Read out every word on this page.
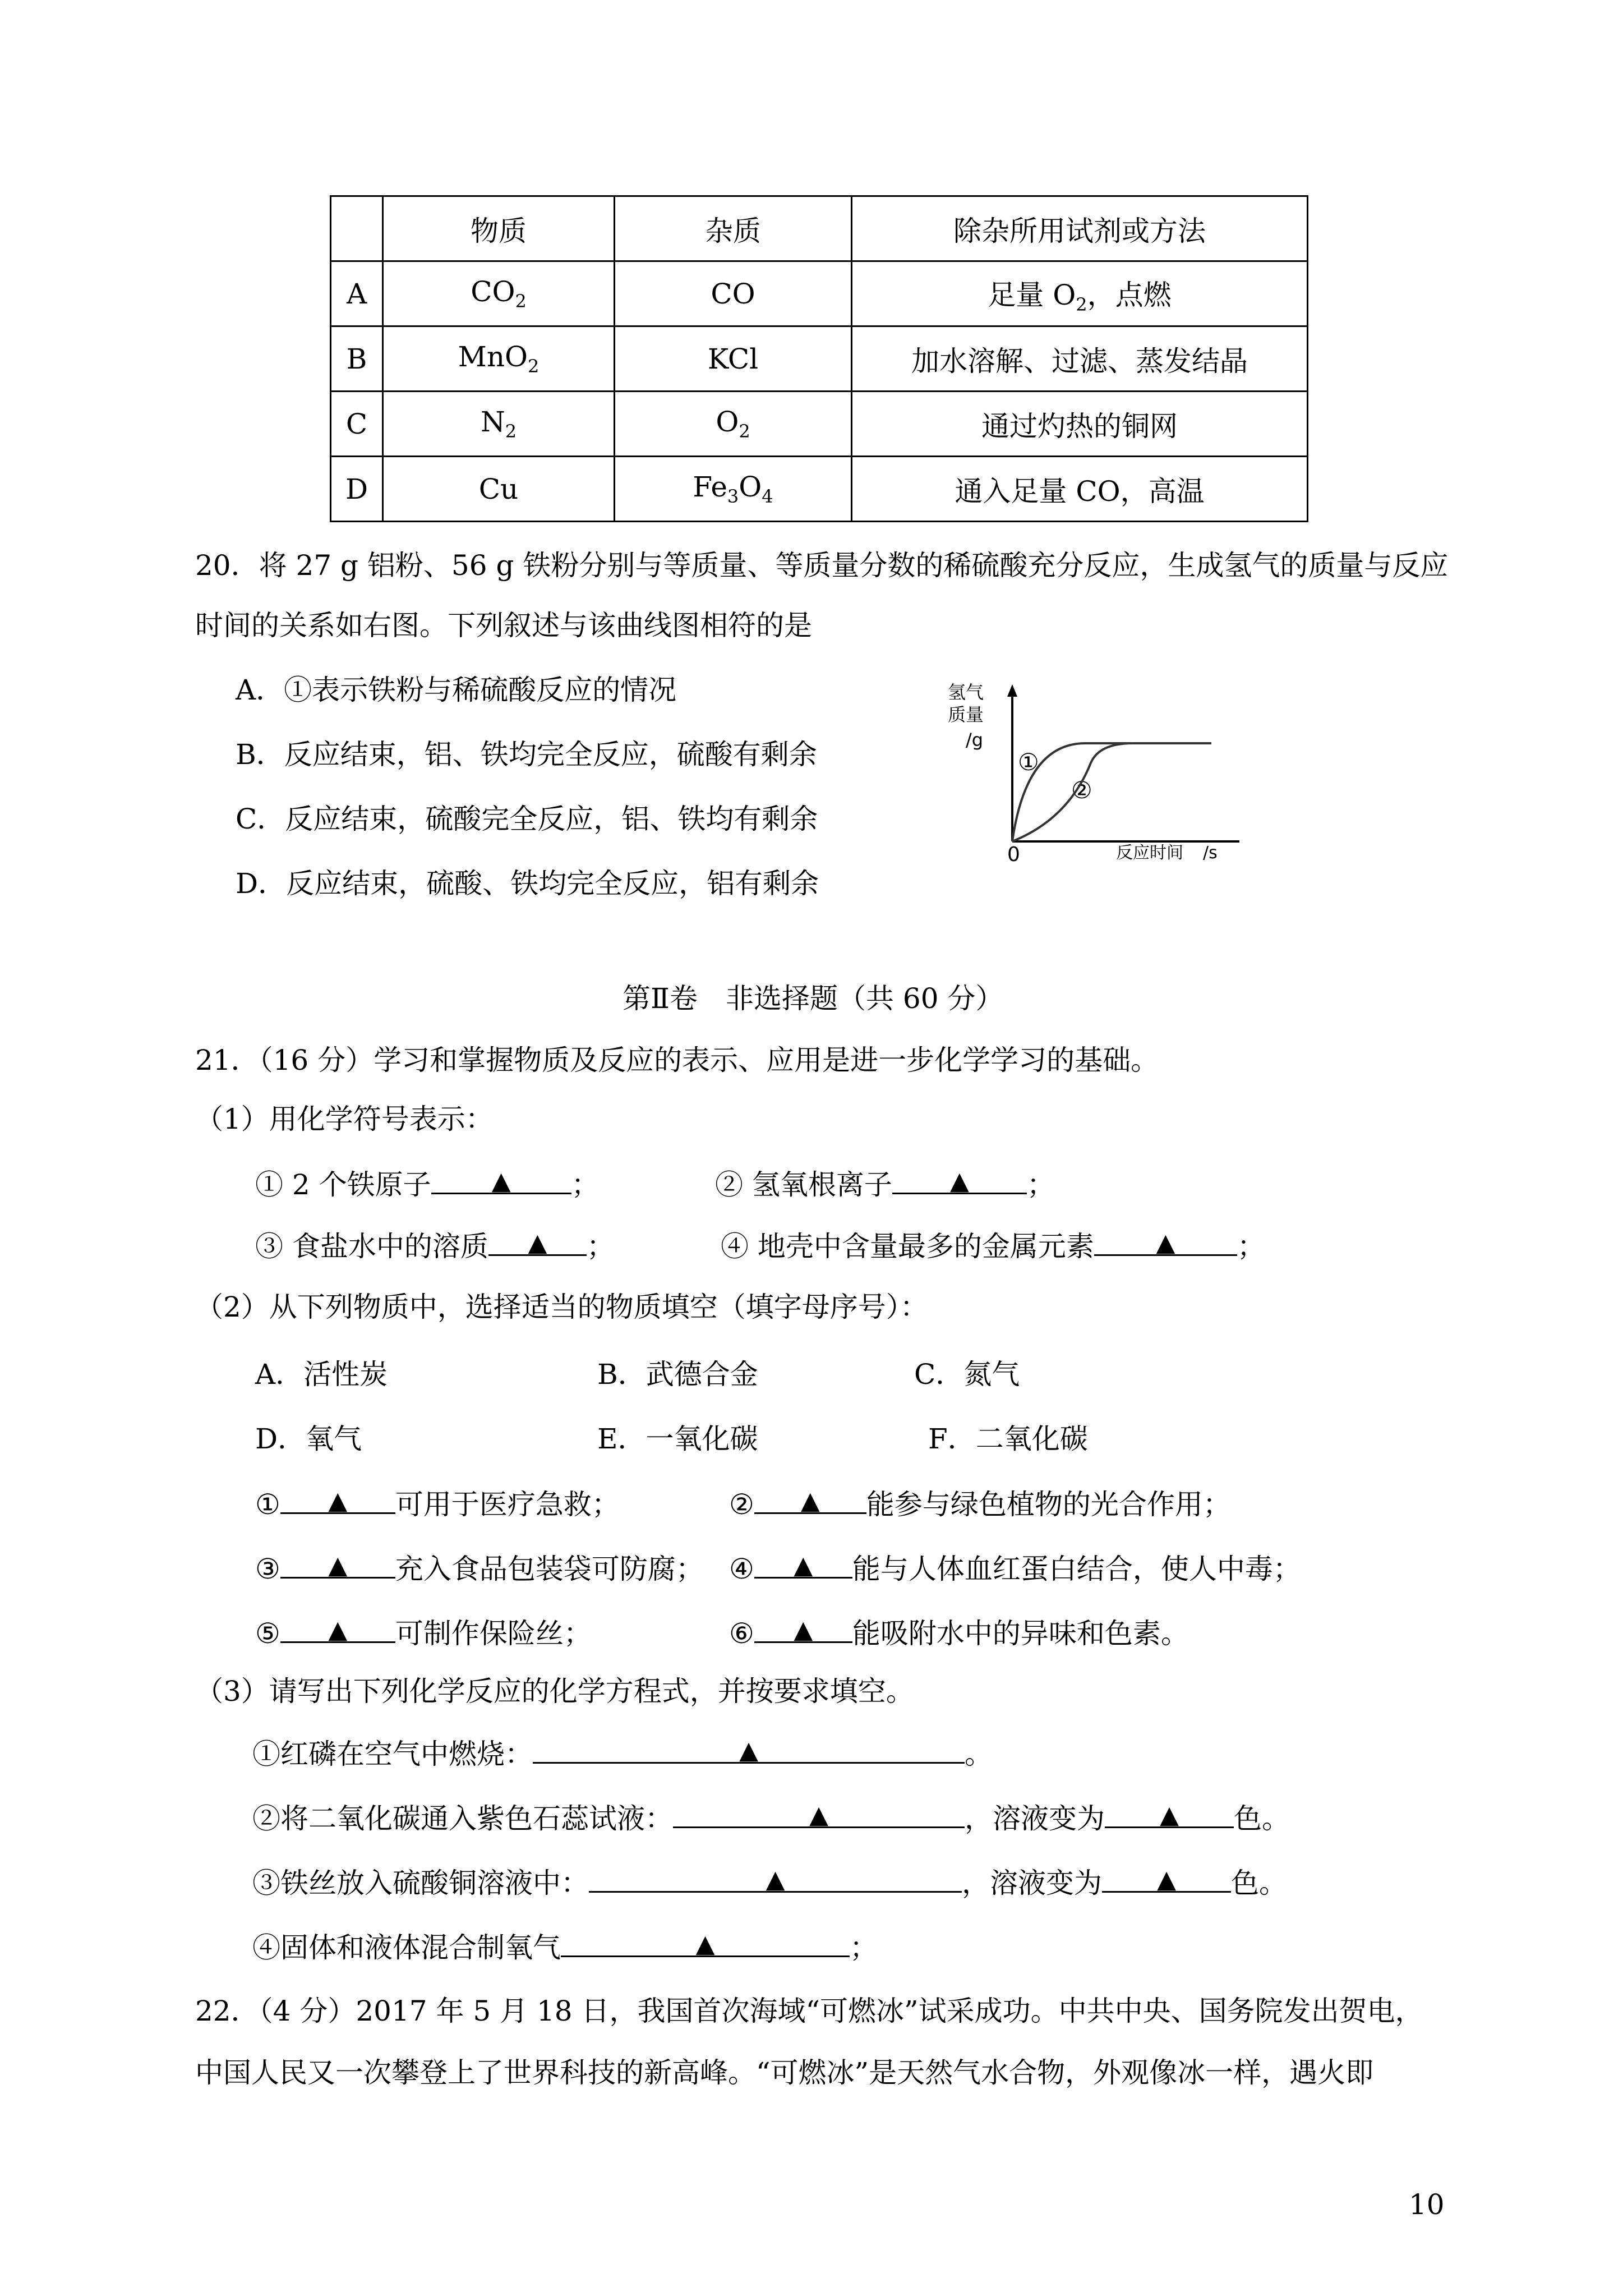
	物质	杂质	除杂所用试剂或方法
A	$CO_2$	CO	足量 $O_2$，点燃
B	MnO$_2$	KCl	加水溶解、过滤、蒸发结晶
C	$N_2$	$O_2$	通过灼热的铜网
D	Cu	$Fe_3O_4$	通入足量 CO，高温
20．将 27 g 铝粉、56 g 铁粉分别与等质量、等质量分数的稀硫酸充分反应，生成氢气的质量与反应
时间的关系如右图。下列叙述与该曲线图相符的是
A．①表示铁粉与稀硫酸反应的情况
B．反应结束，铝、铁均完全反应，硫酸有剩余
C．反应结束，硫酸完全反应，铝、铁均有剩余
D．反应结束，硫酸、铁均完全反应，铝有剩余
氢气
质量
/g
0	反应时间 /s
①
②
第Ⅱ卷　非选择题（共 60 分）
21．（16 分）学习和掌握物质及反应的表示、应用是进一步化学学习的基础。
（1）用化学符号表示：
① 2 个铁原子	▲	；	② 氢氧根离子	▲	；
③ 食盐水中的溶质	▲	；	④ 地壳中含量最多的金属元素	▲	；
（2）从下列物质中，选择适当的物质填空（填字母序号）：
A．活性炭	B．武德合金	C．氮气
D．氧气	E．一氧化碳	F．二氧化碳
①	▲	可用于医疗急救；	②	▲	能参与绿色植物的光合作用；
③	▲	充入食品包装袋可防腐； ④	▲	能与人体血红蛋白结合，使人中毒；
⑤	▲	可制作保险丝；	⑥	▲	能吸附水中的异味和色素。
（3）请写出下列化学反应的化学方程式，并按要求填空。
①红磷在空气中燃烧：	▲	。
②将二氧化碳通入紫色石蕊试液：	▲	，溶液变为	▲	色。
③铁丝放入硫酸铜溶液中：	▲	，溶液变为	▲	色。
④固体和液体混合制氧气	▲	；
22．（4 分）2017 年 5 月 18 日，我国首次海域“可燃冰”试采成功。中共中央、国务院发出贺电，
中国人民又一次攀登上了世界科技的新高峰。“可燃冰”是天然气水合物，外观像冰一样，遇火即
10
